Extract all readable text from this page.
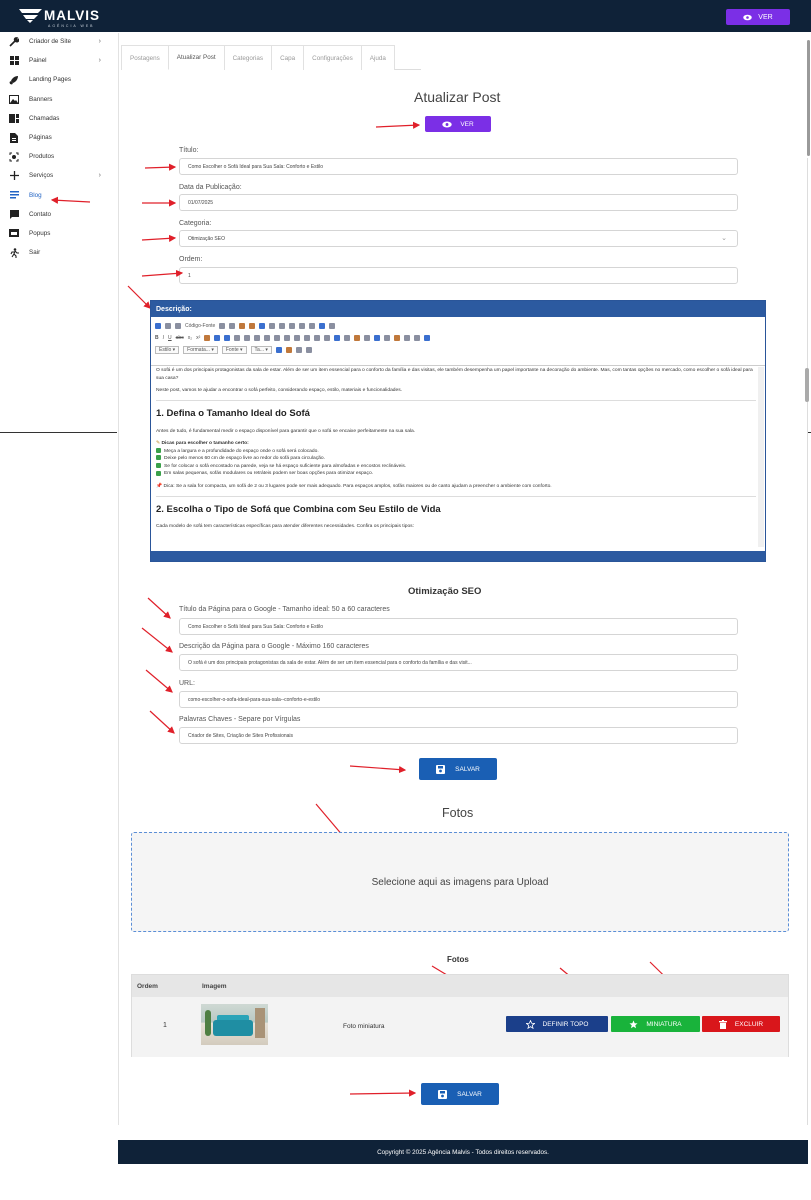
MALVIS
AGÊNCIA WEB
VER
Criador de Site	›
Painel	›
Landing Pages
Banners
Chamadas
Páginas
Produtos
Serviços	›
Blog
Contato
Popups
Sair
Postagens	Atualizar Post	Categorias	Capa	Configurações	Ajuda
Atualizar Post
VER
Título:
Como Escolher o Sofá Ideal para Sua Sala: Conforto e Estilo
Data da Publicação:
01/07/2025
Categoria:
Otimização SEO	⌄
Ordem:
1
Descrição:
Código-Fonte
B I U abc x₂ x²
Estilo ▾	Formata... ▾	Fonte ▾	Ta... ▾

O sofá é um dos principais protagonistas da sala de estar. Além de ser um item essencial para o conforto da família e das visitas, ele também desempenha um papel importante na decoração do ambiente. Mas, com tantas opções no mercado, como escolher o sofá ideal para sua casa?

Neste post, vamos te ajudar a encontrar o sofá perfeito, considerando espaço, estilo, materiais e funcionalidades.

1. Defina o Tamanho Ideal do Sofá

Antes de tudo, é fundamental medir o espaço disponível para garantir que o sofá se encaixe perfeitamente na sua sala.

✎ Dicas para escolher o tamanho certo:
Meça a largura e a profundidade do espaço onde o sofá será colocado.
Deixe pelo menos 60 cm de espaço livre ao redor do sofá para circulação.
Se for colocar o sofá encostado na parede, veja se há espaço suficiente para almofadas e encostos reclináveis.
Em salas pequenas, sofás modulares ou retráteis podem ser boas opções para otimizar espaço.

📌 Dica: Se a sala for compacta, um sofá de 2 ou 3 lugares pode ser mais adequado. Para espaços amplos, sofás maiores ou de canto ajudam a preencher o ambiente com conforto.

2. Escolha o Tipo de Sofá que Combina com Seu Estilo de Vida

Cada modelo de sofá tem características específicas para atender diferentes necessidades. Confira os principais tipos:

Otimização SEO
Título da Página para o Google - Tamanho ideal: 50 a 60 caracteres
Como Escolher o Sofá Ideal para Sua Sala: Conforto e Estilo
Descrição da Página para o Google - Máximo 160 caracteres
O sofá é um dos principais protagonistas da sala de estar. Além de ser um item essencial para o conforto da família e das visit...
URL:
como-escolher-o-sofa-ideal-para-sua-sala--conforto-e-estilo
Palavras Chaves - Separe por Vírgulas
Criador de Sites, Criação de Sites Profissionais
SALVAR
Fotos
Selecione aqui as imagens para Upload
Fotos
Ordem	Imagem
1	Foto miniatura	DEFINIR TOPO	MINIATURA	EXCLUIR
SALVAR
Copyright © 2025 Agência Malvis - Todos direitos reservados.
